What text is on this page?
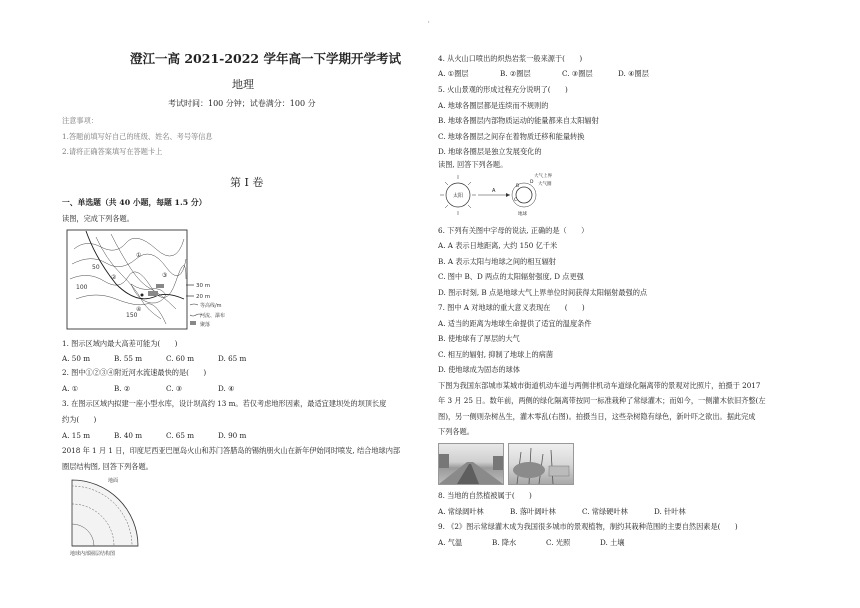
'
澄江一高 2021-2022 学年高一下学期开学考试
地理
考试时间：100 分钟；试卷满分：100 分
注意事项：
1.答题前填写好自己的班级、姓名、考号等信息
2.请将正确答案填写在答题卡上
第 I 卷
一、单选题（共 40 小题，每题 1.5 分）
读图，完成下列各题。
50
100
150
①
②	③
④
30 m
20 m
等高线/m
河流、瀑布
聚落
1. 图示区域内最大高差可能为(　　)
A. 50 m	B. 55 m	C. 60 m	D. 65 m
2. 图中①②③④附近河水流速最快的是(　　)
A. ①	B. ②	C. ③	D. ④
3. 在图示区域内拟建一座小型水库，设计坝高约 13 m。若仅考虑地形因素，最适宜建坝处的坝顶长度
约为(　　)
A. 15 m	B. 40 m	C. 65 m	D. 90 m
2018 年 1 月 1 日，印度尼西亚巴厘岛火山和苏门答腊岛的锡纳朋火山在新年伊始同时喷发, 结合地球内部
圈层结构图, 回答下列各题。
地面
地球内部圈层结构图
4. 从火山口喷出的炽热岩浆一般来源于(　　)
A. ①圈层	B. ②圈层	C. ③圈层	D. ④圈层
5. 火山景观的形成过程充分说明了(　　)
A. 地球各圈层都是连续而不规则的
B. 地球各圈层内部物质运动的能量都来自太阳辐射
C. 地球各圈层之间存在着物质迁移和能量转换
D. 地球各圈层是独立发展变化的
读图, 回答下列各题。
太阳
A
B
C
D
地球
大气上界
大气圈
6. 下列有关图中字母的说法, 正确的是（　　）
A. A 表示日地距离, 大约 150 亿千米
B. A 表示太阳与地球之间的相互辐射
C. 图中 B、D 两点的太阳辐射强度, D 点更强
D. 图示时刻, B 点是地球大气上界单位时间获得太阳辐射最强的点
7. 图中 A 对地球的重大意义表现在　　(　　)
A. 适当的距离为地球生命提供了适宜的温度条件
B. 使地球有了厚层的大气
C. 相互的辐射, 抑制了地球上的病菌
D. 使地球成为固态的球体
下图为我国东部城市某城市街道机动车道与两侧非机动车道绿化隔离带的景观对比照片，拍摄于 2017
年 3 月 25 日。数年前，两侧的绿化隔离带按同一标准栽种了常绿灌木；而如今，一侧灌木依旧齐整(左
图)，另一侧则杂树丛生，灌木零乱(右图)。拍摄当日，这些杂树隐有绿色，新叶吓之欲出。据此完成
下列各题。
8. 当地的自然植被属于(　　)
A. 常绿阔叶林	B. 落叶阔叶林	C. 常绿硬叶林	D. 针叶林
9. 《2》图示常绿灌木成为我国很多城市的景观植物，制约其栽种范围的主要自然因素是(　　)
A. 气温	B. 降水	C. 光照	D. 土壤
